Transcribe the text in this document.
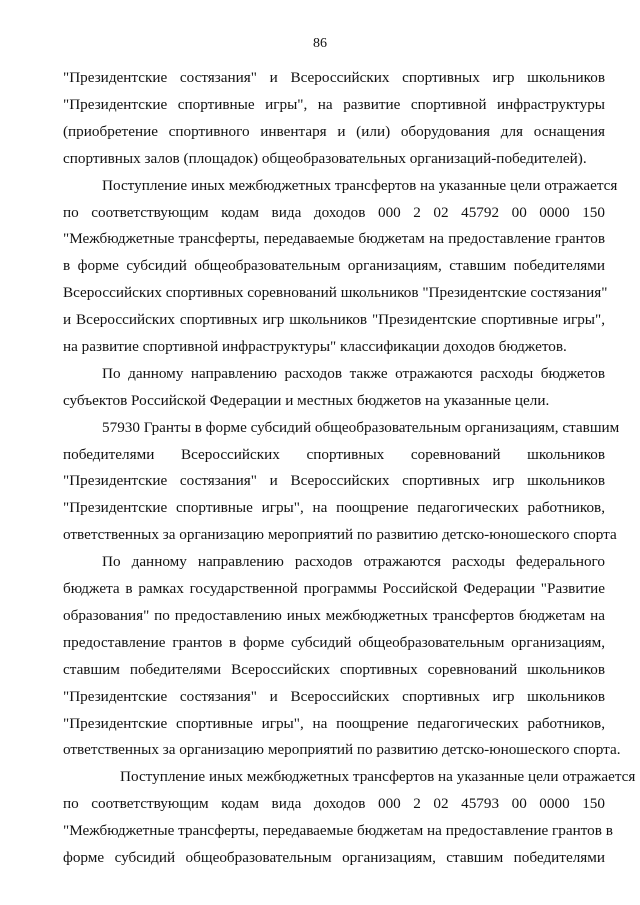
86
"Президентские состязания" и Всероссийских спортивных игр школьников
"Президентские спортивные игры", на развитие спортивной инфраструктуры
(приобретение спортивного инвентаря и (или) оборудования для оснащения
спортивных залов (площадок) общеобразовательных организаций-победителей).
Поступление иных межбюджетных трансфертов на указанные цели отражается
по соответствующим кодам вида доходов 000 2 02 45792 00 0000 150
"Межбюджетные трансферты, передаваемые бюджетам на предоставление грантов
в форме субсидий общеобразовательным организациям, ставшим победителями
Всероссийских спортивных соревнований школьников "Президентские состязания"
и Всероссийских спортивных игр школьников "Президентские спортивные игры",
на развитие спортивной инфраструктуры" классификации доходов бюджетов.
По данному направлению расходов также отражаются расходы бюджетов
субъектов Российской Федерации и местных бюджетов на указанные цели.
57930 Гранты в форме субсидий общеобразовательным организациям, ставшим
победителями Всероссийских спортивных соревнований школьников
"Президентские состязания" и Всероссийских спортивных игр школьников
"Президентские спортивные игры", на поощрение педагогических работников,
ответственных за организацию мероприятий по развитию детско-юношеского спорта
По данному направлению расходов отражаются расходы федерального
бюджета в рамках государственной программы Российской Федерации "Развитие
образования" по предоставлению иных межбюджетных трансфертов бюджетам на
предоставление грантов в форме субсидий общеобразовательным организациям,
ставшим победителями Всероссийских спортивных соревнований школьников
"Президентские состязания" и Всероссийских спортивных игр школьников
"Президентские спортивные игры", на поощрение педагогических работников,
ответственных за организацию мероприятий по развитию детско-юношеского спорта.
Поступление иных межбюджетных трансфертов на указанные цели отражается
по соответствующим кодам вида доходов 000 2 02 45793 00 0000 150
"Межбюджетные трансферты, передаваемые бюджетам на предоставление грантов в
форме субсидий общеобразовательным организациям, ставшим победителями
